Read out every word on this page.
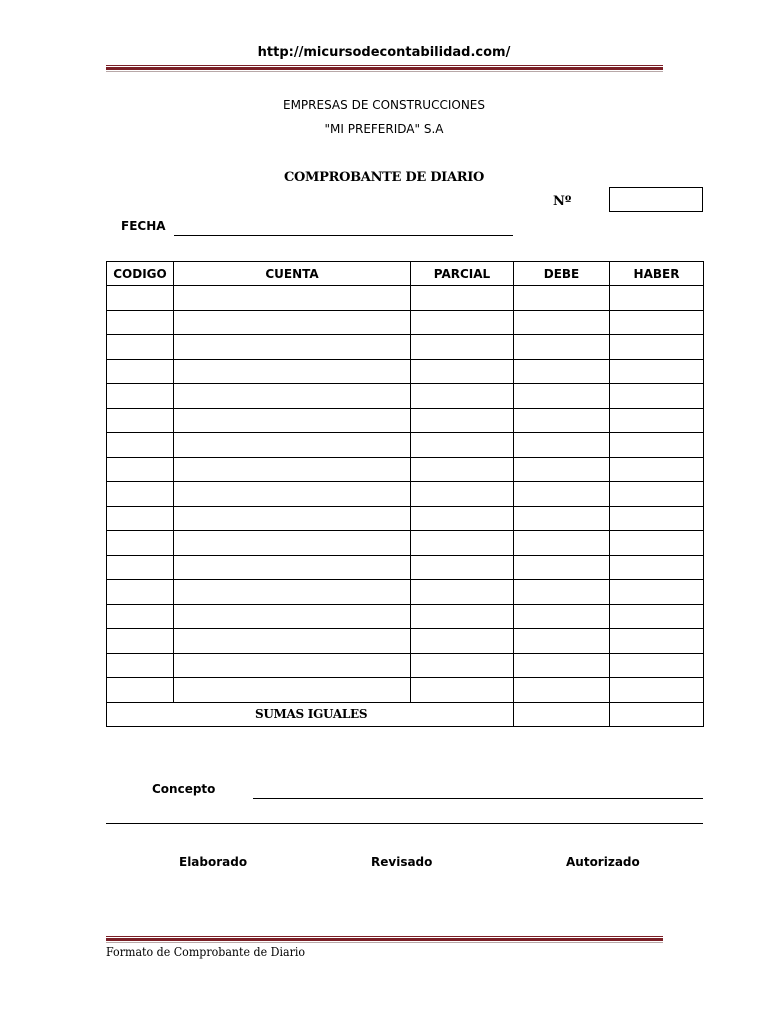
http://micursodecontabilidad.com/
EMPRESAS DE CONSTRUCCIONES
"MI PREFERIDA" S.A
COMPROBANTE DE DIARIO
Nº
FECHA
CODIGO	CUENTA	PARCIAL	DEBE	HABER

SUMAS IGUALES				
Concepto
Elaborado	Revisado	Autorizado
Formato de Comprobante de Diario
